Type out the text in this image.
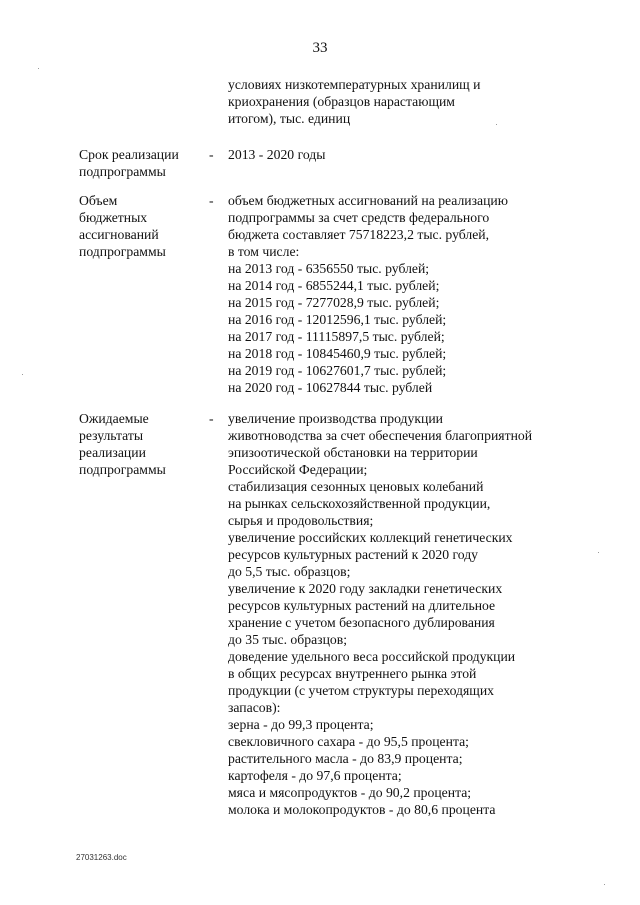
33
условиях низкотемпературных хранилищ и
криохранения (образцов нарастающим
итогом), тыс. единиц
Срок реализации
подпрограммы
- 2013 - 2020 годы
Объем
бюджетных
ассигнований
подпрограммы
- объем бюджетных ассигнований на реализацию
подпрограммы за счет средств федерального
бюджета составляет 75718223,2 тыс. рублей,
в том числе:
на 2013 год - 6356550 тыс. рублей;
на 2014 год - 6855244,1 тыс. рублей;
на 2015 год - 7277028,9 тыс. рублей;
на 2016 год - 12012596,1 тыс. рублей;
на 2017 год - 11115897,5 тыс. рублей;
на 2018 год - 10845460,9 тыс. рублей;
на 2019 год - 10627601,7 тыс. рублей;
на 2020 год - 10627844 тыс. рублей
Ожидаемые
результаты
реализации
подпрограммы
- увеличение производства продукции
животноводства за счет обеспечения благоприятной
эпизоотической обстановки на территории
Российской Федерации;
стабилизация сезонных ценовых колебаний
на рынках сельскохозяйственной продукции,
сырья и продовольствия;
увеличение российских коллекций генетических
ресурсов культурных растений к 2020 году
до 5,5 тыс. образцов;
увеличение к 2020 году закладки генетических
ресурсов культурных растений на длительное
хранение с учетом безопасного дублирования
до 35 тыс. образцов;
доведение удельного веса российской продукции
в общих ресурсах внутреннего рынка этой
продукции (с учетом структуры переходящих
запасов):
зерна - до 99,3 процента;
свекловичного сахара - до 95,5 процента;
растительного масла - до 83,9 процента;
картофеля - до 97,6 процента;
мяса и мясопродуктов - до 90,2 процента;
молока и молокопродуктов - до 80,6 процента
27031263.doc
